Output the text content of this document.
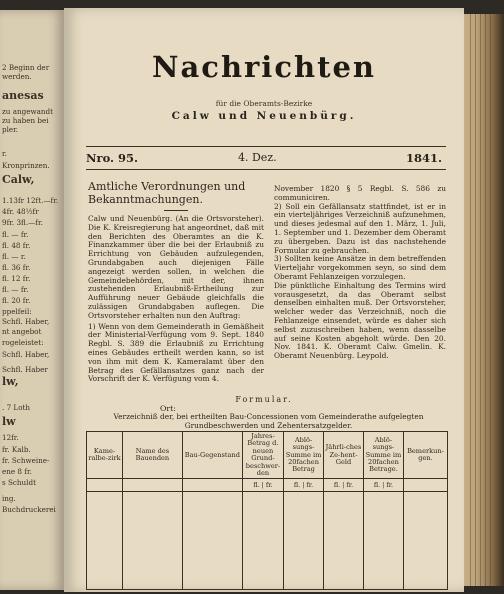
2 Beginn der
werden.
anesas
zu angewandt
zu haben bei
pler.
r.
Kronprinzen.
Calw,
1.13fr 12ft.—fr.
4fr. 48½fr
9fr. 3fl.—fr.
fl. — fr.
fl. 48 fr.
fl. — r.
fl. 36 fr.
fl. 12 fr.
fl. — fr.
fl. 20 fr.
ppelfeil:
Schfl. Haber,
nt angebot
rogeleistet:
Schfl. Haber,
Schfl. Haber
lw,
. 7 Loth
lw
12fr.
fr. Kalb.
fr. Schweine-
ene 8 fr.
s Schuldt
ing.
Buchdruckerei
Nachrichten
für die Oberamts-Bezirke
Calw und Neuenbürg.
Nro. 95.	4. Dez.	1841.

Amtliche Verordnungen und Bekanntmachungen.

Calw und Neuenbürg. (An die Ortsvorsteher). Die K. Kreisregierung hat angeordnet, daß mit den Berichten des Oberamtes an die K. Finanzkammer über die bei der Erlaubniß zu Errichtung von Gebäuden aufzulegenden, Grundabgaben auch diejenigen Fälle angezeigt werden sollen, in welchen die Gemeindebehörden, mit der, ihnen zustehenden Erlaubniß-Ertheilung zur Aufführung neuer Gebäude gleichfalls die zulässigen Grundabgaben auflegen. Die Ortsvorsteher erhalten nun den Auftrag:

1) Wenn von dem Gemeinderath in Gemäßheit der Ministerial-Verfügung vom 9. Sept. 1840 Regbl. S. 389 die Erlaubniß zu Errichtung eines Gebäudes ertheilt werden kann, so ist von ihm mit dem K. Kameralamt über den Betrag des Gefällansatzes ganz nach der Vorschrift der K. Verfügung vom 4.

November 1820 § 5 Regbl. S. 586 zu communiciren.

2) Soll ein Gefällansatz stattfindet, ist er in ein vierteljähriges Verzeichniß aufzunehmen, und dieses jedesmal auf den 1. März, 1. Juli, 1. September und 1. Dezember dem Oberamt zu übergeben. Dazu ist das nachstehende Formular zu gebrauchen.

3) Sollten keine Ansätze in dem betreffenden Vierteljahr vorgekommen seyn, so sind dem Oberamt Fehlanzeigen vorzulegen.

Die pünktliche Einhaltung des Termins wird vorausgesetzt, da das Oberamt selbst denselben einhalten muß. Der Ortsvorsteher, welcher weder das Verzeichniß, noch die Fehlanzeige einsendet, würde es daher sich selbst zuzuschreiben haben, wenn dasselbe auf seine Kosten abgeholt würde. Den 20. Nov. 1841. K. Oberamt Calw. Gmelin. K. Oberamt Neuenbürg. Leypold.

Formular.
Ort:
Verzeichniß der, bei ertheilten Bau-Concessionen vom Gemeinderathe aufgelegten Grundbeschwerden und Zehentersatzgelder.
Kame-ralbe-zirk	Name des Bauenden	Bau-Gegenstand	Jahres-Betrag d. neuen Grund-beschwer-den	Ablö-sungs-Summe im 20fachen Betrag	Jährli-ches Ze-hent-Geld	Ablö-sungs-Summe im 20fachen Betrage.	Bemerkun-gen.
			fl. | fr.	fl. | fr.	fl. | fr.	fl. | fr.	
